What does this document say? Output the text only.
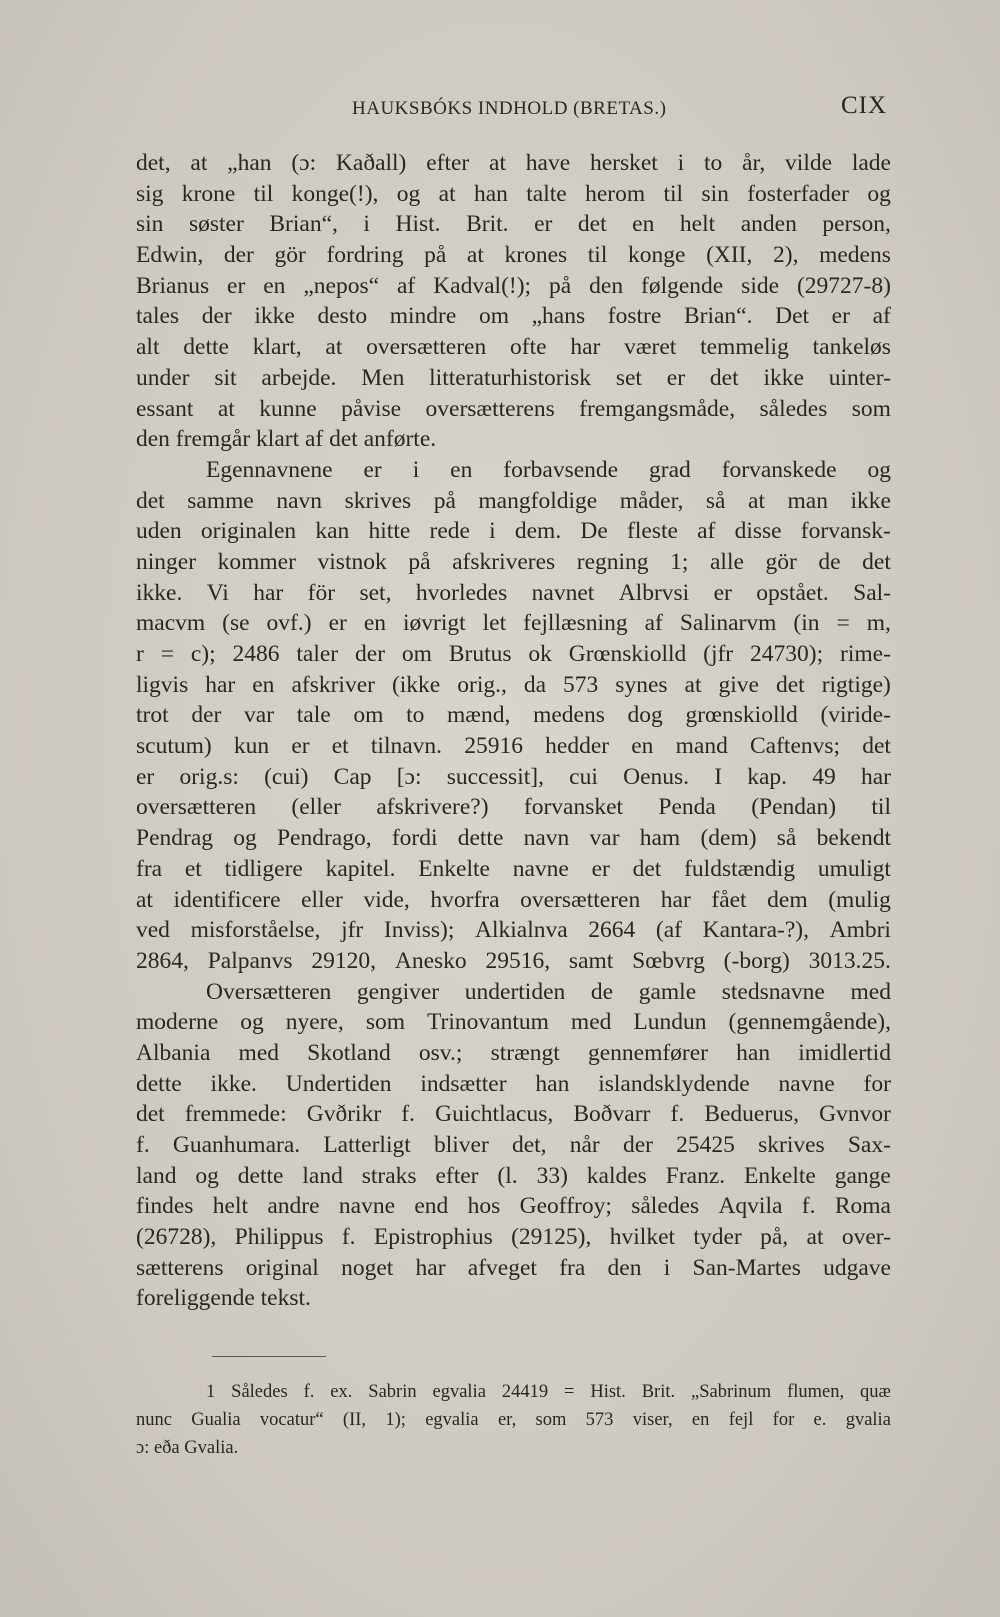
HAUKSBÓKS INDHOLD (BRETAS.)	CIX
det, at „han (ɔ: Kaðall) efter at have hersket i to år, vilde lade
sig krone til konge(!), og at han talte herom til sin fosterfader og
sin søster Brian“, i Hist. Brit. er det en helt anden person,
Edwin, der gör fordring på at krones til konge (XII, 2), medens
Brianus er en „nepos“ af Kadval(!); på den følgende side (29727-8)
tales der ikke desto mindre om „hans fostre Brian“. Det er af
alt dette klart, at oversætteren ofte har været temmelig tankeløs
under sit arbejde. Men litteraturhistorisk set er det ikke uinter-
essant at kunne påvise oversætterens fremgangsmåde, således som
den fremgår klart af det anførte.
Egennavnene er i en forbavsende grad forvanskede og
det samme navn skrives på mangfoldige måder, så at man ikke
uden originalen kan hitte rede i dem. De fleste af disse forvansk-
ninger kommer vistnok på afskriveres regning 1; alle gör de det
ikke. Vi har för set, hvorledes navnet Albrvsi er opstået. Sal-
macvm (se ovf.) er en iøvrigt let fejllæsning af Salinarvm (in = m,
r = c); 2486 taler der om Brutus ok Grœnskiolld (jfr 24730); rime-
ligvis har en afskriver (ikke orig., da 573 synes at give det rigtige)
trot der var tale om to mænd, medens dog grœnskiolld (viride-
scutum) kun er et tilnavn. 25916 hedder en mand Caftenvs; det
er orig.s: (cui) Cap [ɔ: successit], cui Oenus. I kap. 49 har
oversætteren (eller afskrivere?) forvansket Penda (Pendan) til
Pendrag og Pendrago, fordi dette navn var ham (dem) så bekendt
fra et tidligere kapitel. Enkelte navne er det fuldstændig umuligt
at identificere eller vide, hvorfra oversætteren har fået dem (mulig
ved misforståelse, jfr Inviss); Alkialnva 2664 (af Kantara-?), Ambri
2864, Palpanvs 29120, Anesko 29516, samt Sœbvrg (-borg) 3013.25.
Oversætteren gengiver undertiden de gamle stedsnavne med
moderne og nyere, som Trinovantum med Lundun (gennemgående),
Albania med Skotland osv.; strængt gennemfører han imidlertid
dette ikke. Undertiden indsætter han islandsklydende navne for
det fremmede: Gvðrikr f. Guichtlacus, Boðvarr f. Beduerus, Gvnvor
f. Guanhumara. Latterligt bliver det, når der 25425 skrives Sax-
land og dette land straks efter (l. 33) kaldes Franz. Enkelte gange
findes helt andre navne end hos Geoffroy; således Aqvila f. Roma
(26728), Philippus f. Epistrophius (29125), hvilket tyder på, at over-
sætterens original noget har afveget fra den i San-Martes udgave
foreliggende tekst.
1 Således f. ex. Sabrin egvalia 24419 = Hist. Brit. „Sabrinum flumen, quæ
nunc Gualia vocatur“ (II, 1); egvalia er, som 573 viser, en fejl for e. gvalia
ɔ: eða Gvalia.
